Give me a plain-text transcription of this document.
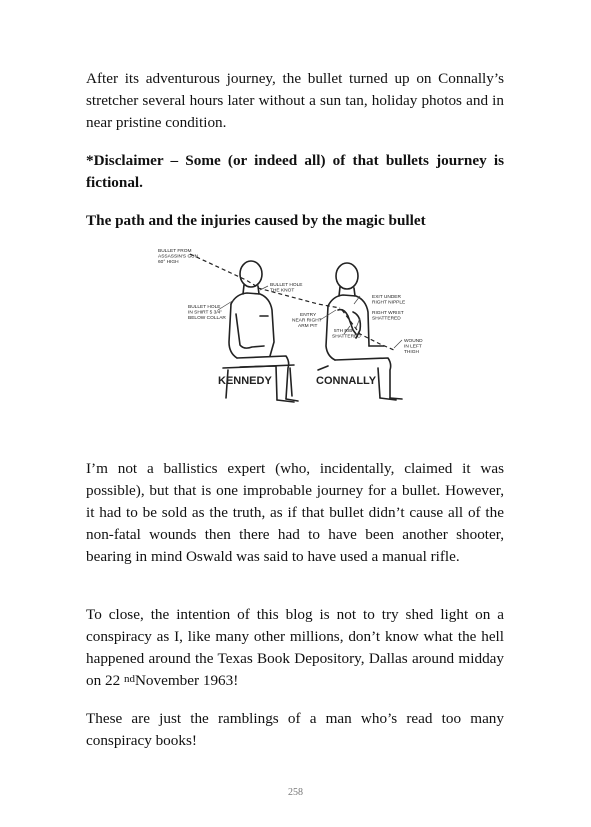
After its adventurous journey, the bullet turned up on Connally’s stretcher several hours later without a sun tan, holiday photos and in near pristine condition.

*Disclaimer – Some (or indeed all) of that bullets journey is fictional.

The path and the injuries caused by the magic bullet

BULLET FROM
ASSASSIN'S GUN
60° HIGH
BULLET HOLE
THE KNOT
BULLET HOLE
IN SHIRT 5 3/4"
BELOW COLLAR
ENTRY
NEAR RIGHT
ARM PIT
EXIT UNDER
RIGHT NIPPLE
RIGHT WRIST
SHATTERED
5TH RIB
SHATTERED
WOUND
IN LEFT
THIGH
KENNEDY	CONNALLY

I’m not a ballistics expert (who, incidentally, claimed it was possible), but that is one improbable journey for a bullet. However, it had to be sold as the truth, as if that bullet didn’t cause all of the non-fatal wounds then there had to have been another shooter, bearing in mind Oswald was said to have used a manual rifle.

To close, the intention of this blog is not to try shed light on a conspiracy as I, like many other millions, don’t know what the hell happened around the Texas Book Depository, Dallas around midday on 22 $^{nd}$November 1963!

These are just the ramblings of a man who’s read too many conspiracy books!

258
